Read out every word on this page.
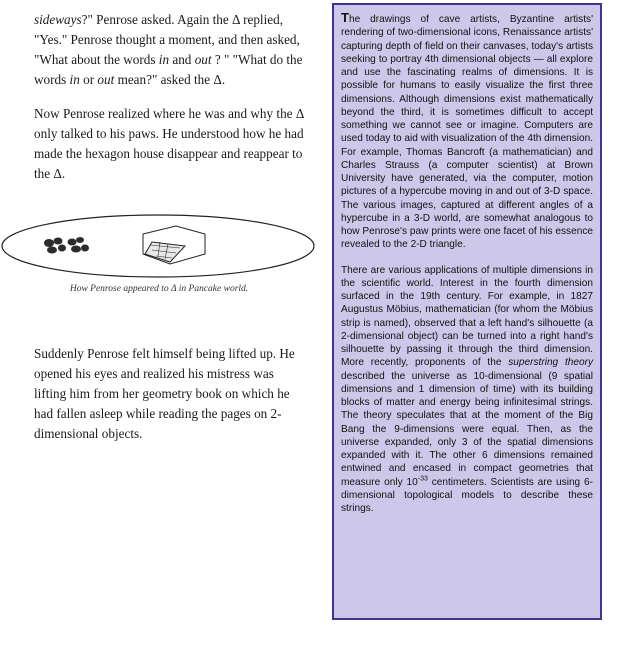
sideways?" Penrose asked. Again the Δ replied, "Yes." Penrose thought a moment, and then asked, "What about the words in and out ? " "What do the words in or out mean?" asked the Δ.

Now Penrose realized where he was and why the Δ only talked to his paws. He understood how he had made the hexagon house disappear and reappear to the Δ.

How Penrose appeared to Δ in Pancake world.

Suddenly Penrose felt himself being lifted up. He opened his eyes and realized his mistress was lifting him from her geometry book on which he had fallen asleep while reading the pages on 2-dimensional objects.

The drawings of cave artists, Byzantine artists' rendering of two-dimensional icons, Renaissance artists' capturing depth of field on their canvases, today's artists seeking to portray 4th dimensional objects — all explore and use the fascinating realms of dimensions. It is possible for humans to easily visualize the first three dimensions. Although dimensions exist mathematically beyond the third, it is sometimes difficult to accept something we cannot see or imagine. Computers are used today to aid with visualization of the 4th dimension. For example, Thomas Bancroft (a mathematician) and Charles Strauss (a computer scientist) at Brown University have generated, via the computer, motion pictures of a hypercube moving in and out of 3-D space. The various images, captured at different angles of a hypercube in a 3-D world, are somewhat analogous to how Penrose's paw prints were one facet of his essence revealed to the 2-D triangle.

There are various applications of multiple dimensions in the scientific world. Interest in the fourth dimension surfaced in the 19th century. For example, in 1827 Augustus Möbius, mathematician (for whom the Möbius strip is named), observed that a left hand's silhouette (a 2-dimensional object) can be turned into a right hand's silhouette by passing it through the third dimension. More recently, proponents of the superstring theory described the universe as 10-dimensional (9 spatial dimensions and 1 dimension of time) with its building blocks of matter and energy being infinitesimal strings. The theory speculates that at the moment of the Big Bang the 9-dimensions were equal. Then, as the universe expanded, only 3 of the spatial dimensions expanded with it. The other 6 dimensions remained entwined and encased in compact geometries that measure only $10^{-33}$ centimeters. Scientists are using 6-dimensional topological models to describe these strings.
